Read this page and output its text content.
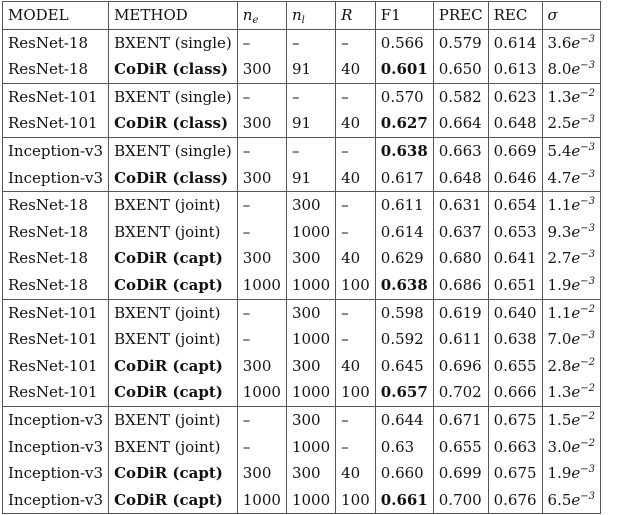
MODEL	METHOD	$n_e$	$n_l$	R	F1	PREC	REC	σ
ResNet-18	BXENT (single)	–	–	–	0.566	0.579	0.614	$3.6e^{-3}$
ResNet-18	CoDiR (class)	300	91	40	0.601	0.650	0.613	$8.0e^{-3}$
ResNet-101	BXENT (single)	–	–	–	0.570	0.582	0.623	$1.3e^{-2}$
ResNet-101	CoDiR (class)	300	91	40	0.627	0.664	0.648	$2.5e^{-3}$
Inception-v3	BXENT (single)	–	–	–	0.638	0.663	0.669	$5.4e^{-3}$
Inception-v3	CoDiR (class)	300	91	40	0.617	0.648	0.646	$4.7e^{-3}$
ResNet-18	BXENT (joint)	–	300	–	0.611	0.631	0.654	$1.1e^{-3}$
ResNet-18	BXENT (joint)	–	1000	–	0.614	0.637	0.653	$9.3e^{-3}$
ResNet-18	CoDiR (capt)	300	300	40	0.629	0.680	0.641	$2.7e^{-3}$
ResNet-18	CoDiR (capt)	1000	1000	100	0.638	0.686	0.651	$1.9e^{-3}$
ResNet-101	BXENT (joint)	–	300	–	0.598	0.619	0.640	$1.1e^{-2}$
ResNet-101	BXENT (joint)	–	1000	–	0.592	0.611	0.638	$7.0e^{-3}$
ResNet-101	CoDiR (capt)	300	300	40	0.645	0.696	0.655	$2.8e^{-2}$
ResNet-101	CoDiR (capt)	1000	1000	100	0.657	0.702	0.666	$1.3e^{-2}$
Inception-v3	BXENT (joint)	–	300	–	0.644	0.671	0.675	$1.5e^{-2}$
Inception-v3	BXENT (joint)	–	1000	–	0.63	0.655	0.663	$3.0e^{-2}$
Inception-v3	CoDiR (capt)	300	300	40	0.660	0.699	0.675	$1.9e^{-3}$
Inception-v3	CoDiR (capt)	1000	1000	100	0.661	0.700	0.676	$6.5e^{-3}$
